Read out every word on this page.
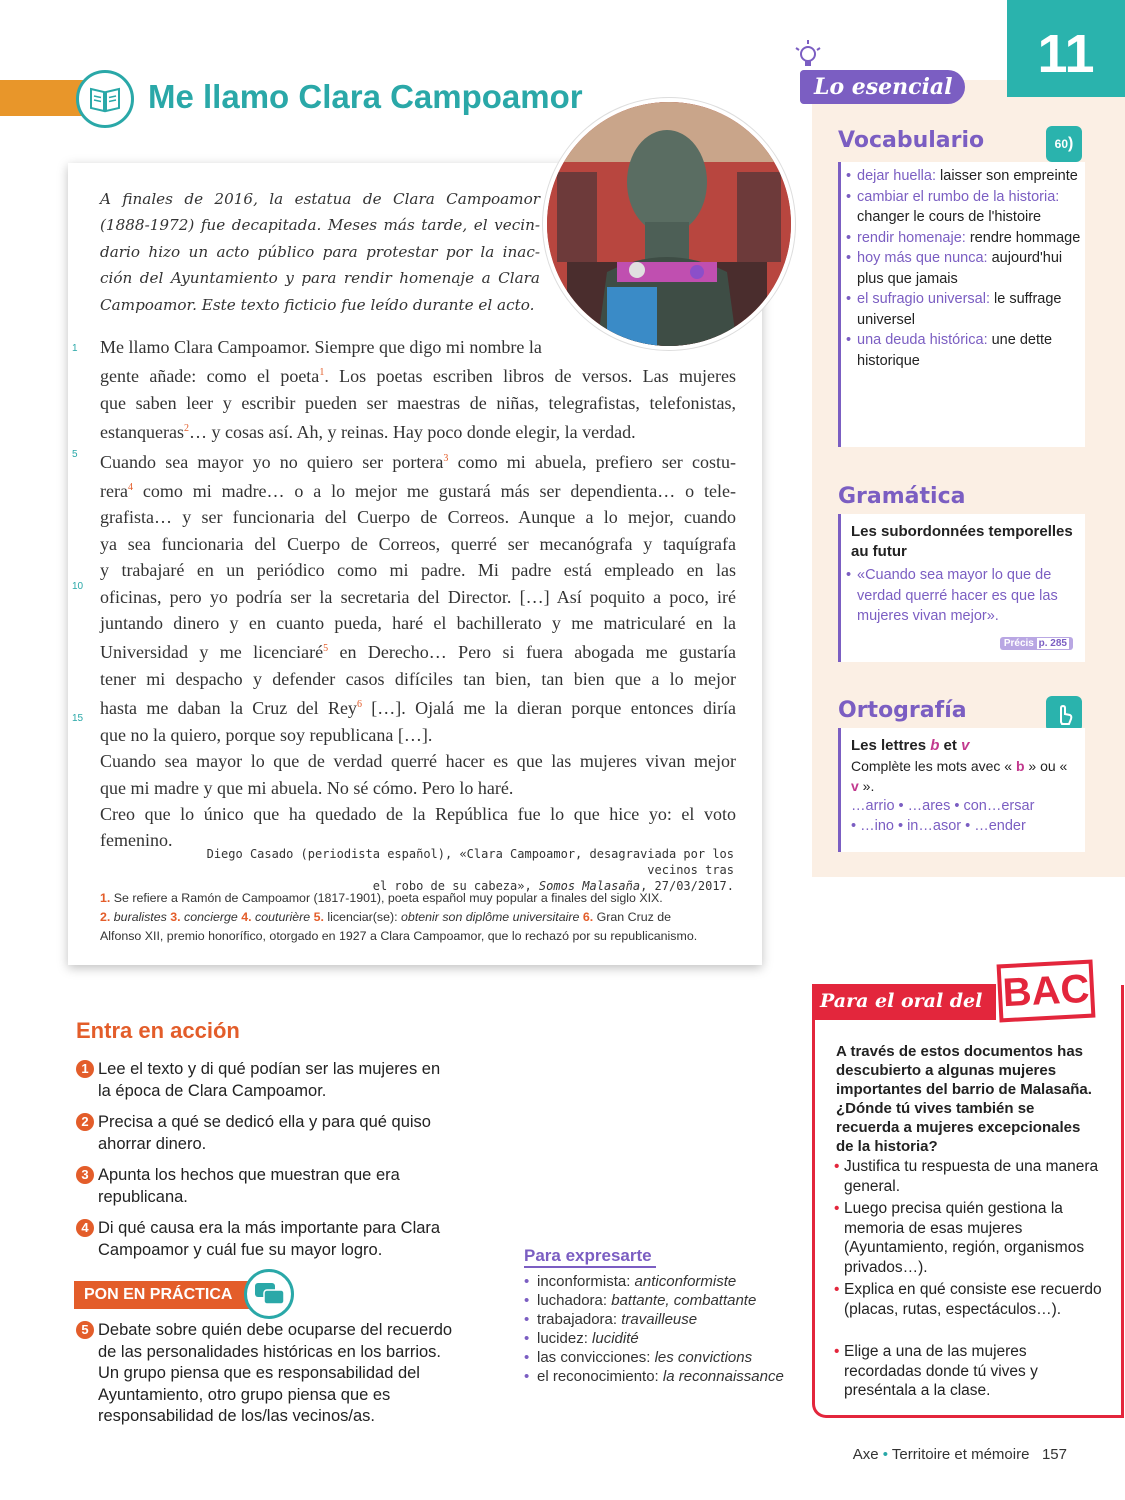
Me llamo Clara Campoamor
A finales de 2016, la estatua de Clara Campoamor
(1888-1972) fue decapitada. Meses más tarde, el vecin-
dario hizo un acto público para protestar por la inac-
ción del Ayuntamiento y para rendir homenaje a Clara
Campoamor. Este texto ficticio fue leído durante el acto.
1
5
10
15
Me llamo Clara Campoamor. Siempre que digo mi nombre la
gente añade: como el poeta$^1$. Los poetas escriben libros de versos. Las mujeres
que saben leer y escribir pueden ser maestras de niñas, telegrafistas, telefonistas,
estanqueras$^2$… y cosas así. Ah, y reinas. Hay poco donde elegir, la verdad.
Cuando sea mayor yo no quiero ser portera$^3$ como mi abuela, prefiero ser costu-
rera$^4$ como mi madre… o a lo mejor me gustará más ser dependienta… o tele-
grafista… y ser funcionaria del Cuerpo de Correos. Aunque a lo mejor, cuando
ya sea funcionaria del Cuerpo de Correos, querré ser mecanógrafa y taquígrafa
y trabajaré en un periódico como mi padre. Mi padre está empleado en las
oficinas, pero yo podría ser la secretaria del Director. […] Así poquito a poco, iré
juntando dinero y en cuanto pueda, haré el bachillerato y me matricularé en la
Universidad y me licenciaré$^5$ en Derecho… Pero si fuera abogada me gustaría
tener mi despacho y defender casos difíciles tan bien, tan bien que a lo mejor
hasta me daban la Cruz del Rey$^6$ […]. Ojalá me la dieran porque entonces diría
que no la quiero, porque soy republicana […].
Cuando sea mayor lo que de verdad querré hacer es que las mujeres vivan mejor
que mi madre y que mi abuela. No sé cómo. Pero lo haré.
Creo que lo único que ha quedado de la República fue lo que hice yo: el voto
femenino.
Diego Casado (periodista español), «Clara Campoamor, desagraviada por los vecinos tras
el robo de su cabeza», Somos Malasaña, 27/03/2017.
1. Se refiere a Ramón de Campoamor (1817-1901), poeta español muy popular a finales del siglo XIX.
2. buralistes 3. concierge 4. couturière 5. licenciar(se): obtenir son diplôme universitaire 6. Gran Cruz de
Alfonso XII, premio honorífico, otorgado en 1927 a Clara Campoamor, que lo rechazó por su republicanismo.
11
Lo esencial
Vocabulario	60)

• dejar huella: laisser son empreinte

• cambiar el rumbo de la historia: changer le cours de l'histoire

• rendir homenaje: rendre hommage

• hoy más que nunca: aujourd'hui plus que jamais

• el sufragio universal: le suffrage universel

• una deuda histórica: une dette historique

Gramática
Les subordonnées temporelles au futur

• «Cuando sea mayor lo que de verdad querré hacer es que las mujeres vivan mejor».

Précis p. 285
Ortografía
Les lettres b et v
Complète les mots avec « b » ou « v ».
…arrio • …ares • con…ersar
• …ino • in…asor • …ender
Entra en acción
1 Lee el texto y di qué podían ser las mujeres en la época de Clara Campoamor.
2 Precisa a qué se dedicó ella y para qué quiso ahorrar dinero.
3 Apunta los hechos que muestran que era republicana.
4 Di qué causa era la más importante para Clara Campoamor y cuál fue su mayor logro.
PON EN PRÁCTICA
5 Debate sobre quién debe ocuparse del recuerdo de las personalidades históricas en los barrios. Un grupo piensa que es responsabilidad del Ayuntamiento, otro grupo piensa que es responsabilidad de los/las vecinos/as.
Para expresarte

• inconformista: anticonformiste

• luchadora: battante, combattante

• trabajadora: travailleuse

• lucidez: lucidité

• las convicciones: les convictions

• el reconocimiento: la reconnaissance

Para el oral del BAC
A través de estos documentos has descubierto a algunas mujeres importantes del barrio de Malasaña. ¿Dónde tú vives también se recuerda a mujeres excepcionales de la historia?
• Justifica tu respuesta de una manera general.
• Luego precisa quién gestiona la memoria de esas mujeres (Ayuntamiento, región, organismos privados…).
• Explica en qué consiste ese recuerdo (placas, rutas, espectáculos…).
• Elige a una de las mujeres recordadas donde tú vives y preséntala a la clase.
Axe • Territoire et mémoire 157
